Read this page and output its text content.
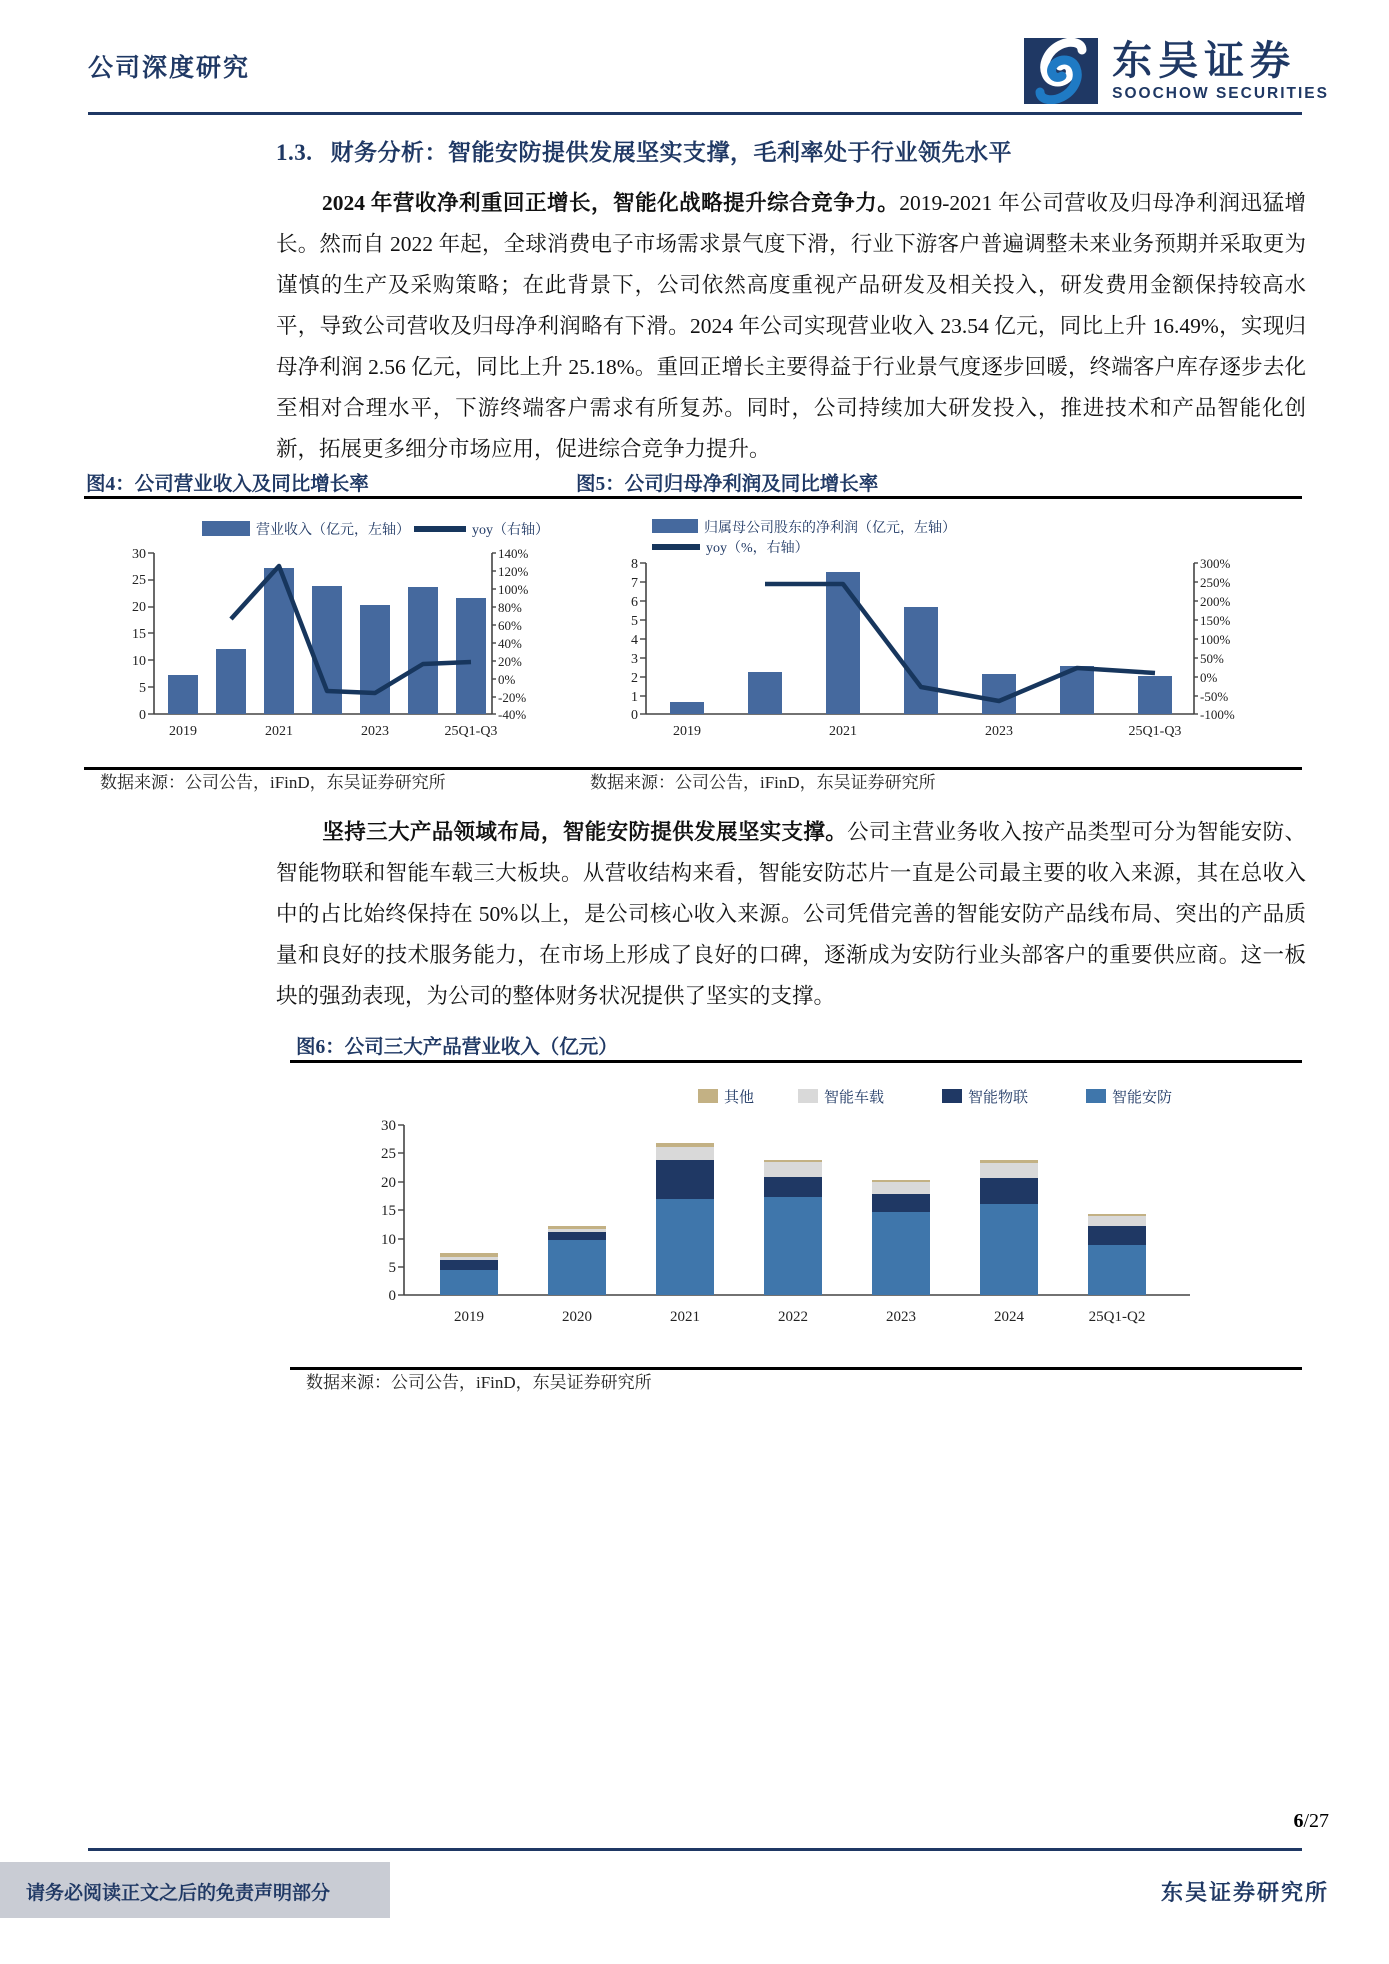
公司深度研究	东吴证券
SOOCHOW SECURITIES
1.3. 财务分析：智能安防提供发展坚实支撑，毛利率处于行业领先水平
2024 年营收净利重回正增长，智能化战略提升综合竞争力。2019-2021 年公司营收及归母净利润迅猛增长。然而自 2022 年起，全球消费电子市场需求景气度下滑，行业下游客户普遍调整未来业务预期并采取更为谨慎的生产及采购策略；在此背景下，公司依然高度重视产品研发及相关投入，研发费用金额保持较高水平，导致公司营收及归母净利润略有下滑。2024 年公司实现营业收入 23.54 亿元，同比上升 16.49%，实现归母净利润 2.56 亿元，同比上升 25.18%。重回正增长主要得益于行业景气度逐步回暖，终端客户库存逐步去化至相对合理水平，下游终端客户需求有所复苏。同时，公司持续加大研发投入，推进技术和产品智能化创新，拓展更多细分市场应用，促进综合竞争力提升。
图4：公司营业收入及同比增长率
营业收入（亿元，左轴）	yoy（右轴）
30
25
20
15
10
5
0
140%
120%
100%
80%
60%
40%
20%
0%
-20%
-40%
2019	2021	2023	25Q1-Q3
数据来源：公司公告，iFinD，东吴证券研究所
图5：公司归母净利润及同比增长率
归属母公司股东的净利润（亿元，左轴）
yoy（%，右轴）
8
7
6
5
4
3
2
1
0
300%
250%
200%
150%
100%
50%
0%
-50%
-100%
2019	2021	2023	25Q1-Q3
数据来源：公司公告，iFinD，东吴证券研究所
坚持三大产品领域布局，智能安防提供发展坚实支撑。公司主营业务收入按产品类型可分为智能安防、智能物联和智能车载三大板块。从营收结构来看，智能安防芯片一直是公司最主要的收入来源，其在总收入中的占比始终保持在 50%以上，是公司核心收入来源。公司凭借完善的智能安防产品线布局、突出的产品质量和良好的技术服务能力，在市场上形成了良好的口碑，逐渐成为安防行业头部客户的重要供应商。这一板块的强劲表现，为公司的整体财务状况提供了坚实的支撑。
图6：公司三大产品营业收入（亿元）
其他	智能车载	智能物联	智能安防
30
25
20
15
10
5
0
2019	2020	2021	2022	2023	2024	25Q1-Q2
数据来源：公司公告，iFinD，东吴证券研究所
6/27
请务必阅读正文之后的免责声明部分	东吴证券研究所
